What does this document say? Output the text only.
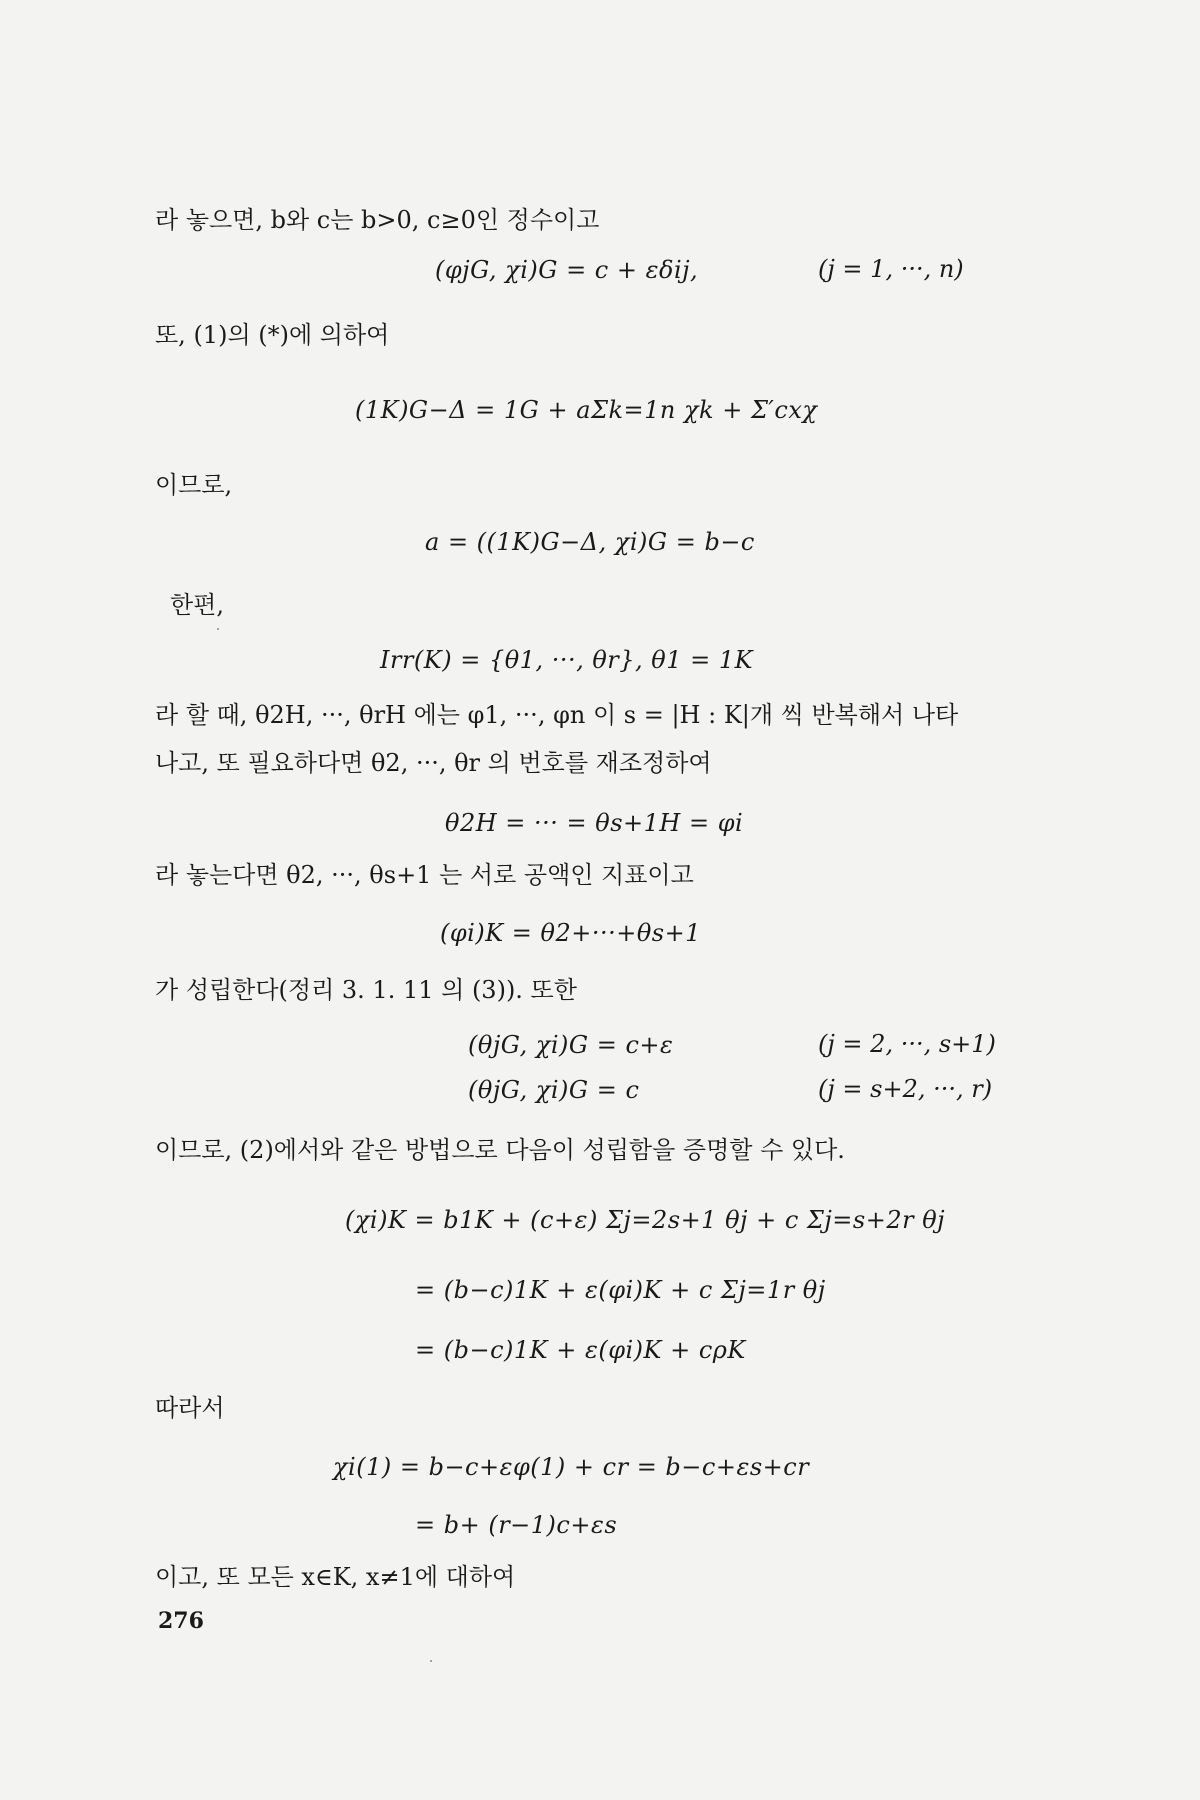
라 놓으면, b와 c는 b>0, c≥0인 정수이고
(φjG, χi)G = c + εδij,	(j = 1, ···, n)
또, (1)의 (*)에 의하여
(1K)G−Δ = 1G + aΣk=1n χk + Σ′cxχ
이므로,
a = ((1K)G−Δ, χi)G = b−c
한편,
Irr(K) = {θ1, ···, θr}, θ1 = 1K
라 할 때, θ2H, ···, θrH 에는 φ1, ···, φn 이 s = |H : K|개 씩 반복해서 나타
나고, 또 필요하다면 θ2, ···, θr 의 번호를 재조정하여
θ2H = ··· = θs+1H = φi
라 놓는다면 θ2, ···, θs+1 는 서로 공액인 지표이고
(φi)K = θ2+···+θs+1
가 성립한다(정리 3. 1. 11 의 (3)). 또한
(θjG, χi)G = c+ε	(j = 2, ···, s+1)
(θjG, χi)G = c	(j = s+2, ···, r)
이므로, (2)에서와 같은 방법으로 다음이 성립함을 증명할 수 있다.
(χi)K = b1K + (c+ε) Σj=2s+1 θj + c Σj=s+2r θj
= (b−c)1K + ε(φi)K + c Σj=1r θj
= (b−c)1K + ε(φi)K + cρK
따라서
χi(1) = b−c+εφ(1) + cr = b−c+εs+cr
= b+ (r−1)c+εs
이고, 또 모든 x∈K, x≠1에 대하여
276
